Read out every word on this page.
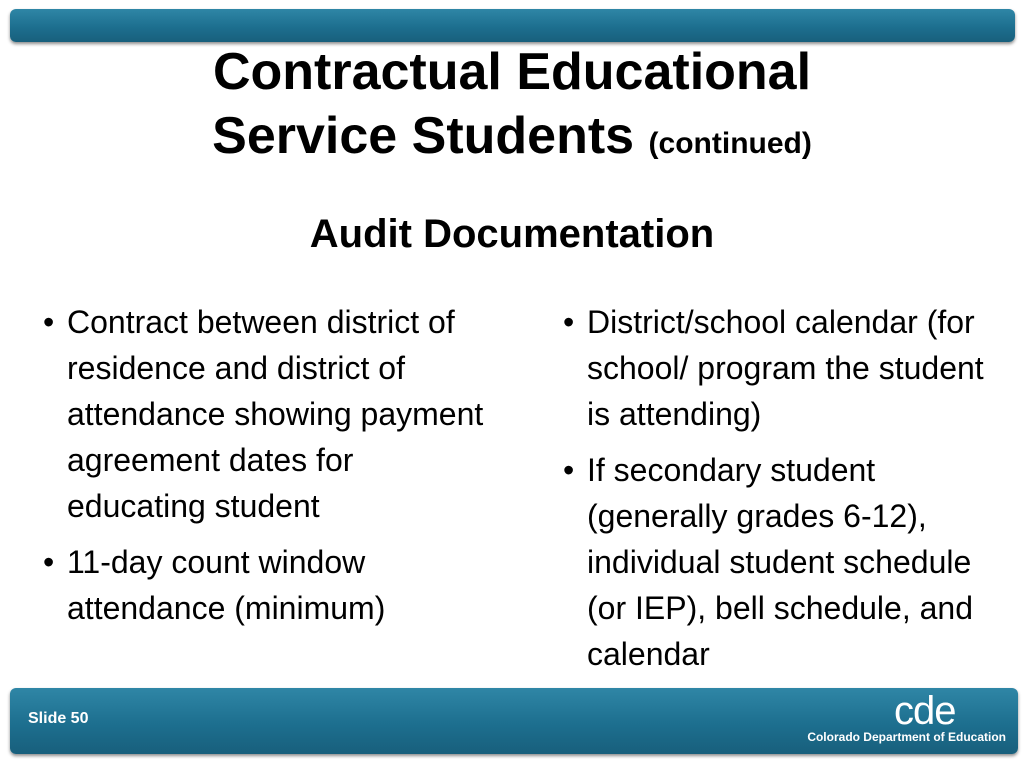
Contractual Educational
Service Students (continued)
Audit Documentation
• Contract between district of residence and district of attendance showing payment agreement dates for educating student
• 11-day count window attendance (minimum)
• District/school calendar (for school/ program the student is attending)
• If secondary student (generally grades 6-12), individual student schedule (or IEP), bell schedule, and calendar
Slide 50	cde
Colorado Department of Education
